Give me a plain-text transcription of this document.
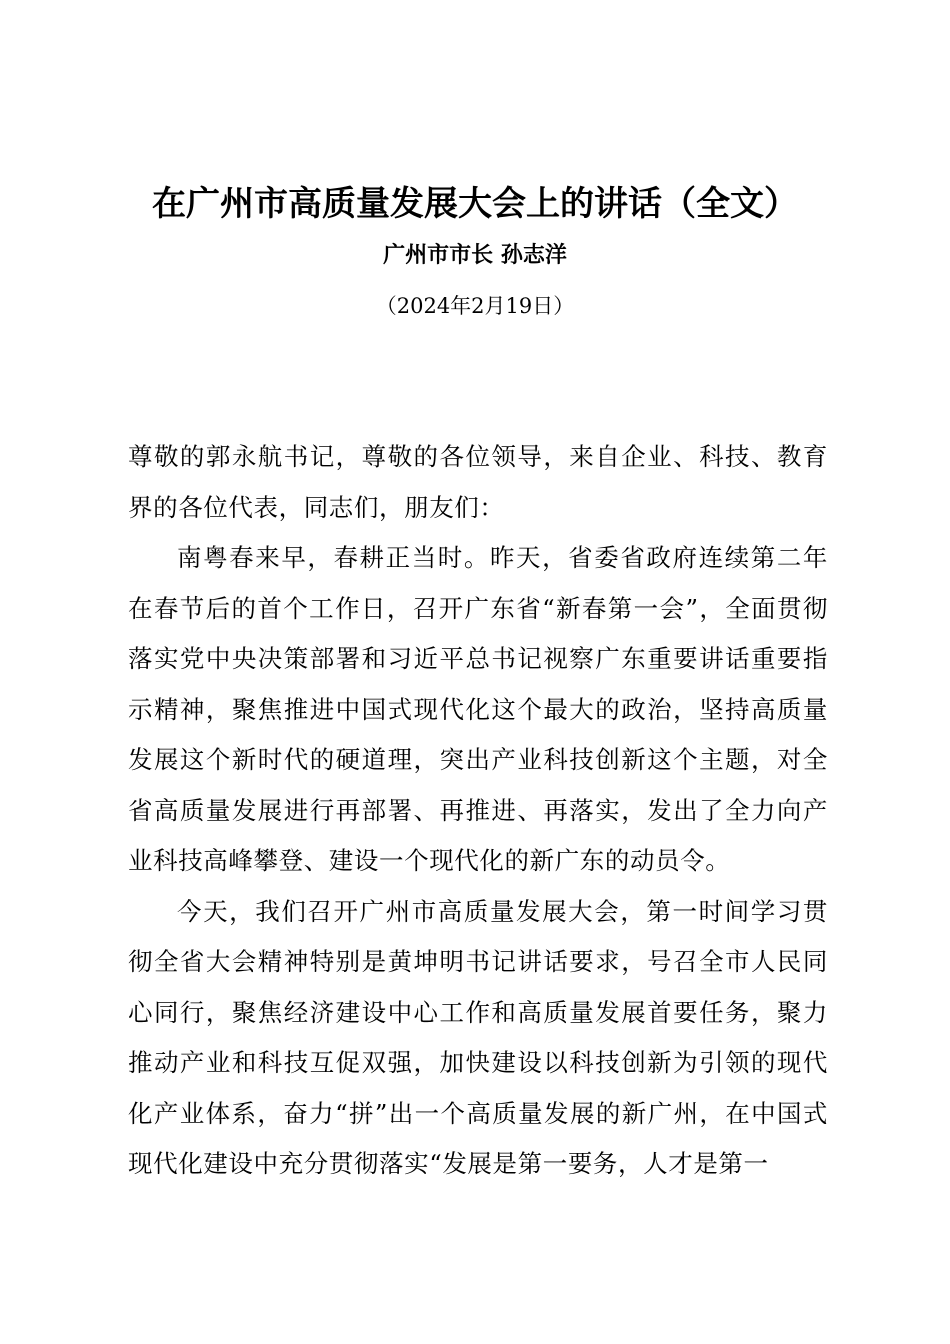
在广州市高质量发展大会上的讲话（全文）
广州市市长 孙志洋
（2024年2月19日）

尊敬的郭永航书记，尊敬的各位领导，来自企业、科技、教育界的各位代表，同志们，朋友们：

南粤春来早，春耕正当时。昨天，省委省政府连续第二年在春节后的首个工作日，召开广东省“新春第一会”，全面贯彻落实党中央决策部署和习近平总书记视察广东重要讲话重要指示精神，聚焦推进中国式现代化这个最大的政治，坚持高质量发展这个新时代的硬道理，突出产业科技创新这个主题，对全省高质量发展进行再部署、再推进、再落实，发出了全力向产业科技高峰攀登、建设一个现代化的新广东的动员令。

今天，我们召开广州市高质量发展大会，第一时间学习贯彻全省大会精神特别是黄坤明书记讲话要求，号召全市人民同心同行，聚焦经济建设中心工作和高质量发展首要任务，聚力推动产业和科技互促双强，加快建设以科技创新为引领的现代化产业体系，奋力“拼”出一个高质量发展的新广州，在中国式现代化建设中充分贯彻落实“发展是第一要务，人才是第一
